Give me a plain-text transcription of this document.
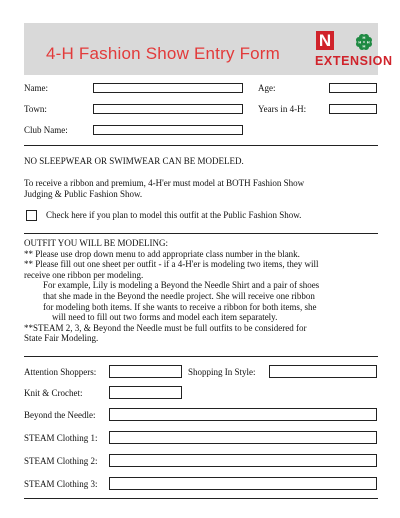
4-H Fashion Show Entry Form
N	H
H
H H
EXTENSION
Name:	Age:
Town:	Years in 4-H:
Club Name:
NO SLEEPWEAR OR SWIMWEAR CAN BE MODELED.
To receive a ribbon and premium, 4-H'er must model at BOTH Fashion Show
Judging & Public Fashion Show.
Check here if you plan to model this outfit at the Public Fashion Show.
OUTFIT YOU WILL BE MODELING:
** Please use drop down menu to add appropriate class number in the blank.
** Please fill out one sheet per outfit - if a 4-H'er is modeling two items, they will
receive one ribbon per modeling.
For example, Lily is modeling a Beyond the Needle Shirt and a pair of shoes
that she made in the Beyond the needle project. She will receive one ribbon
for modeling both items. If she wants to receive a ribbon for both items, she
will need to fill out two forms and model each item separately.
**STEAM 2, 3, & Beyond the Needle must be full outfits to be considered for
State Fair Modeling.
Attention Shoppers:	Shopping In Style:
Knit & Crochet:
Beyond the Needle:
STEAM Clothing 1:
STEAM Clothing 2:
STEAM Clothing 3:
